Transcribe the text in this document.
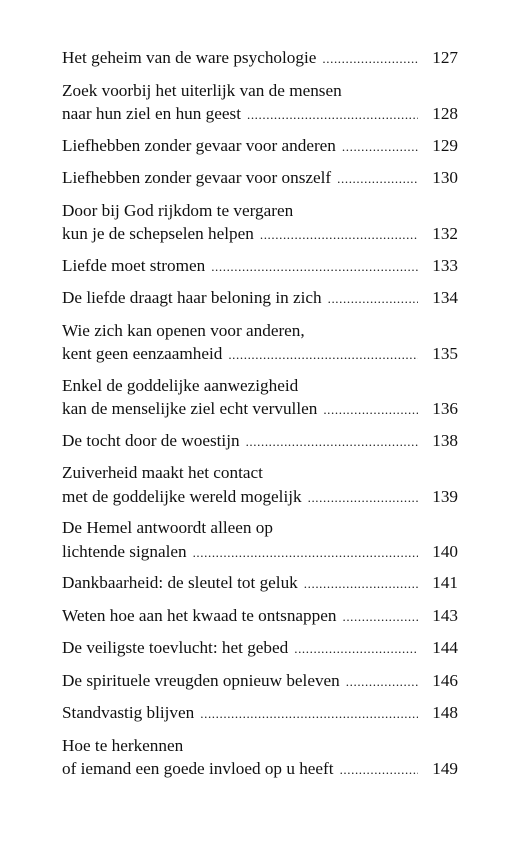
Het geheim van de ware psychologie .....	127
Zoek voorbij het uiterlijk van de mensen
naar hun ziel en hun geest .....	128
Liefhebben zonder gevaar voor anderen .....	129
Liefhebben zonder gevaar voor onszelf .....	130
Door bij God rijkdom te vergaren
kun je de schepselen helpen .....	132
Liefde moet stromen .....	133
De liefde draagt haar beloning in zich .....	134
Wie zich kan openen voor anderen,
kent geen eenzaamheid .....	135
Enkel de goddelijke aanwezigheid
kan de menselijke ziel echt vervullen .....	136
De tocht door de woestijn .....	138
Zuiverheid maakt het contact
met de goddelijke wereld mogelijk .....	139
De Hemel antwoordt alleen op
lichtende signalen .....	140
Dankbaarheid: de sleutel tot geluk .....	141
Weten hoe aan het kwaad te ontsnappen .....	143
De veiligste toevlucht: het gebed .....	144
De spirituele vreugden opnieuw beleven .....	146
Standvastig blijven .....	148
Hoe te herkennen
of iemand een goede invloed op u heeft .....	149
